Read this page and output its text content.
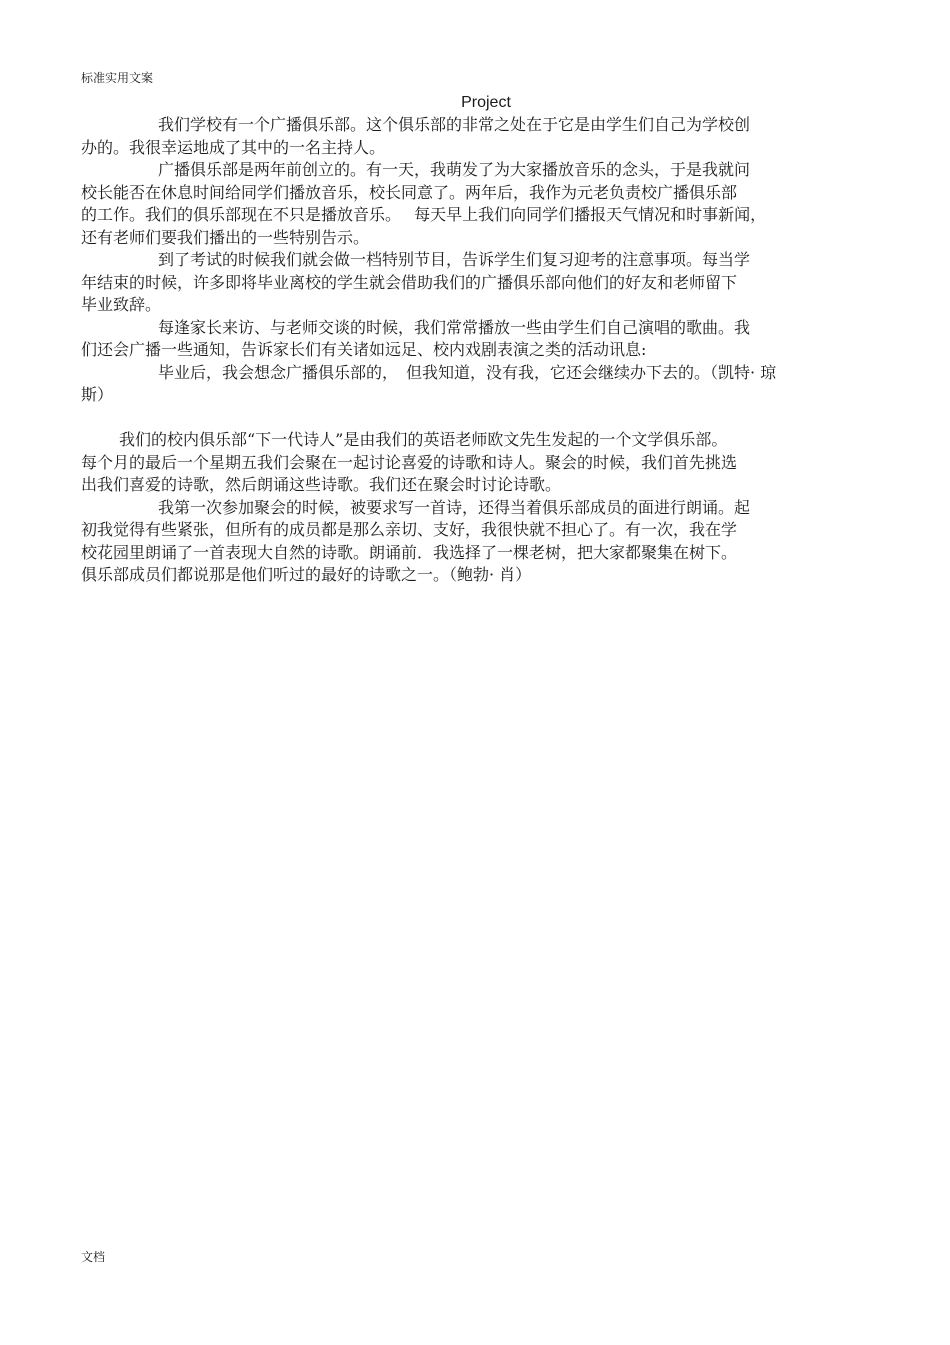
标准实用文案
Project
我们学校有一个广播俱乐部。这个俱乐部的非常之处在于它是由学生们自己为学校创
办的。我很幸运地成了其中的一名主持人。
广播俱乐部是两年前创立的。有一天，我萌发了为大家播放音乐的念头，于是我就问
校长能否在休息时间给同学们播放音乐，校长同意了。两年后，我作为元老负责校广播俱乐部
的工作。我们的俱乐部现在不只是播放音乐。　 每天早上我们向同学们播报天气情况和时事新闻，
还有老师们要我们播出的一些特别告示。
到了考试的时候我们就会做一档特别节目，告诉学生们复习迎考的注意事项。每当学
年结束的时候，许多即将毕业离校的学生就会借助我们的广播俱乐部向他们的好友和老师留下
毕业致辞。
每逢家长来访、与老师交谈的时候，我们常常播放一些由学生们自己演唱的歌曲。我
们还会广播一些通知，告诉家长们有关诸如远足、校内戏剧表演之类的活动讯息:
毕业后，我会想念广播俱乐部的，　但我知道，没有我，它还会继续办下去的。（凯特· 琼
斯）
我们的校内俱乐部“下一代诗人”是由我们的英语老师欧文先生发起的一个文学俱乐部。
每个月的最后一个星期五我们会聚在一起讨论喜爱的诗歌和诗人。聚会的时候，我们首先挑选
出我们喜爱的诗歌，然后朗诵这些诗歌。我们还在聚会时讨论诗歌。
我第一次参加聚会的时候，被要求写一首诗，还得当着俱乐部成员的面进行朗诵。起
初我觉得有些紧张，但所有的成员都是那么亲切、支好，我很快就不担心了。有一次，我在学
校花园里朗诵了一首表现大自然的诗歌。朗诵前．我选择了一棵老树，把大家都聚集在树下。
俱乐部成员们都说那是他们听过的最好的诗歌之一。（鲍勃· 肖）
文档
